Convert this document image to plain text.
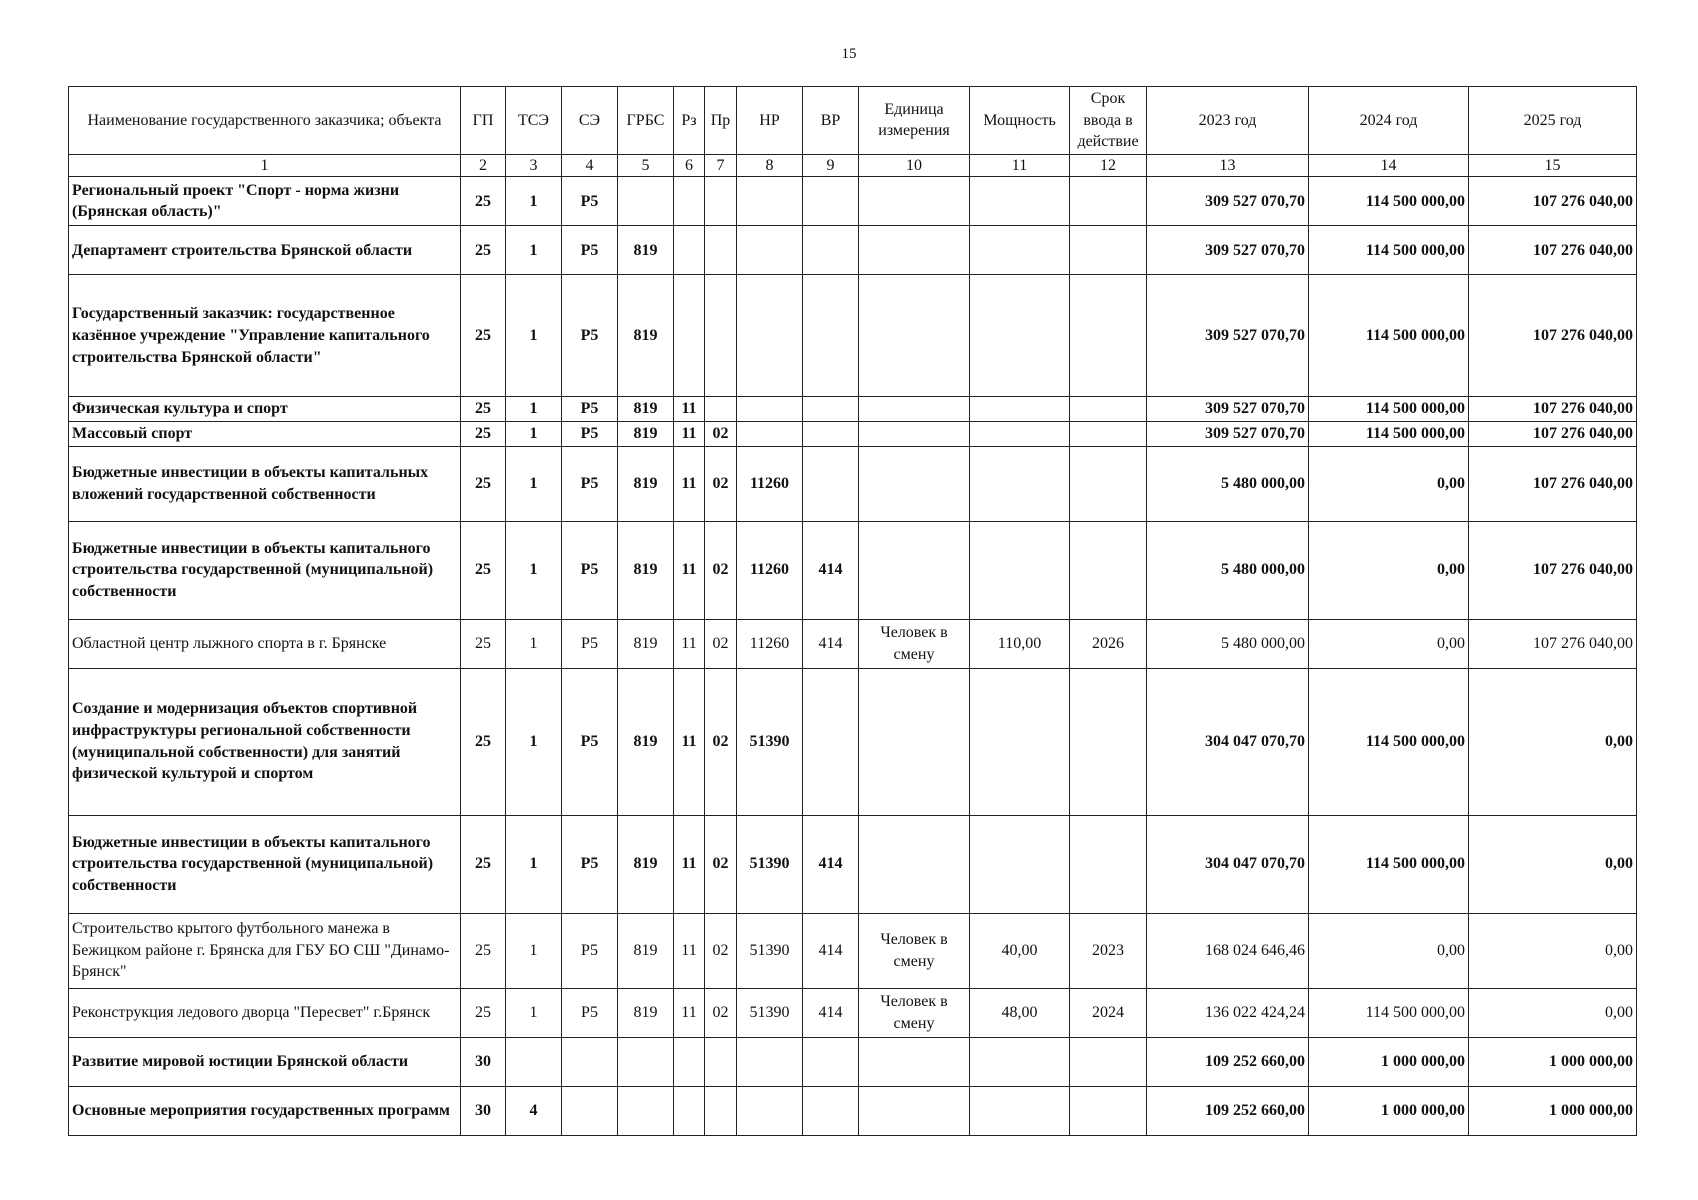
15
Наименование государственного заказчика; объекта	ГП	ТСЭ	СЭ	ГРБС	Рз	Пр	НР	ВР	Единица измерения	Мощность	Срок ввода в действие	2023 год	2024 год	2025 год
1	2	3	4	5	6	7	8	9	10	11	12	13	14	15
Региональный проект "Спорт - норма жизни (Брянская область)"	25	1	Р5									309 527 070,70	114 500 000,00	107 276 040,00
Департамент строительства Брянской области	25	1	Р5	819								309 527 070,70	114 500 000,00	107 276 040,00
Государственный заказчик: государственное казённое учреждение "Управление капитального строительства Брянской области"	25	1	Р5	819								309 527 070,70	114 500 000,00	107 276 040,00
Физическая культура и спорт	25	1	Р5	819	11							309 527 070,70	114 500 000,00	107 276 040,00
Массовый спорт	25	1	Р5	819	11	02						309 527 070,70	114 500 000,00	107 276 040,00
Бюджетные инвестиции в объекты капитальных вложений государственной собственности	25	1	Р5	819	11	02	11260					5 480 000,00	0,00	107 276 040,00
Бюджетные инвестиции в объекты капитального строительства государственной (муниципальной) собственности	25	1	Р5	819	11	02	11260	414				5 480 000,00	0,00	107 276 040,00
Областной центр лыжного спорта в г. Брянске	25	1	Р5	819	11	02	11260	414	Человек в смену	110,00	2026	5 480 000,00	0,00	107 276 040,00
Создание и модернизация объектов спортивной инфраструктуры региональной собственности (муниципальной собственности) для занятий физической культурой и спортом	25	1	Р5	819	11	02	51390					304 047 070,70	114 500 000,00	0,00
Бюджетные инвестиции в объекты капитального строительства государственной (муниципальной) собственности	25	1	Р5	819	11	02	51390	414				304 047 070,70	114 500 000,00	0,00
Строительство крытого футбольного манежа в Бежицком районе г. Брянска для ГБУ БО СШ "Динамо-Брянск"	25	1	Р5	819	11	02	51390	414	Человек в смену	40,00	2023	168 024 646,46	0,00	0,00
Реконструкция ледового дворца "Пересвет" г.Брянск	25	1	Р5	819	11	02	51390	414	Человек в смену	48,00	2024	136 022 424,24	114 500 000,00	0,00
Развитие мировой юстиции Брянской области	30											109 252 660,00	1 000 000,00	1 000 000,00
Основные мероприятия государственных программ	30	4										109 252 660,00	1 000 000,00	1 000 000,00
